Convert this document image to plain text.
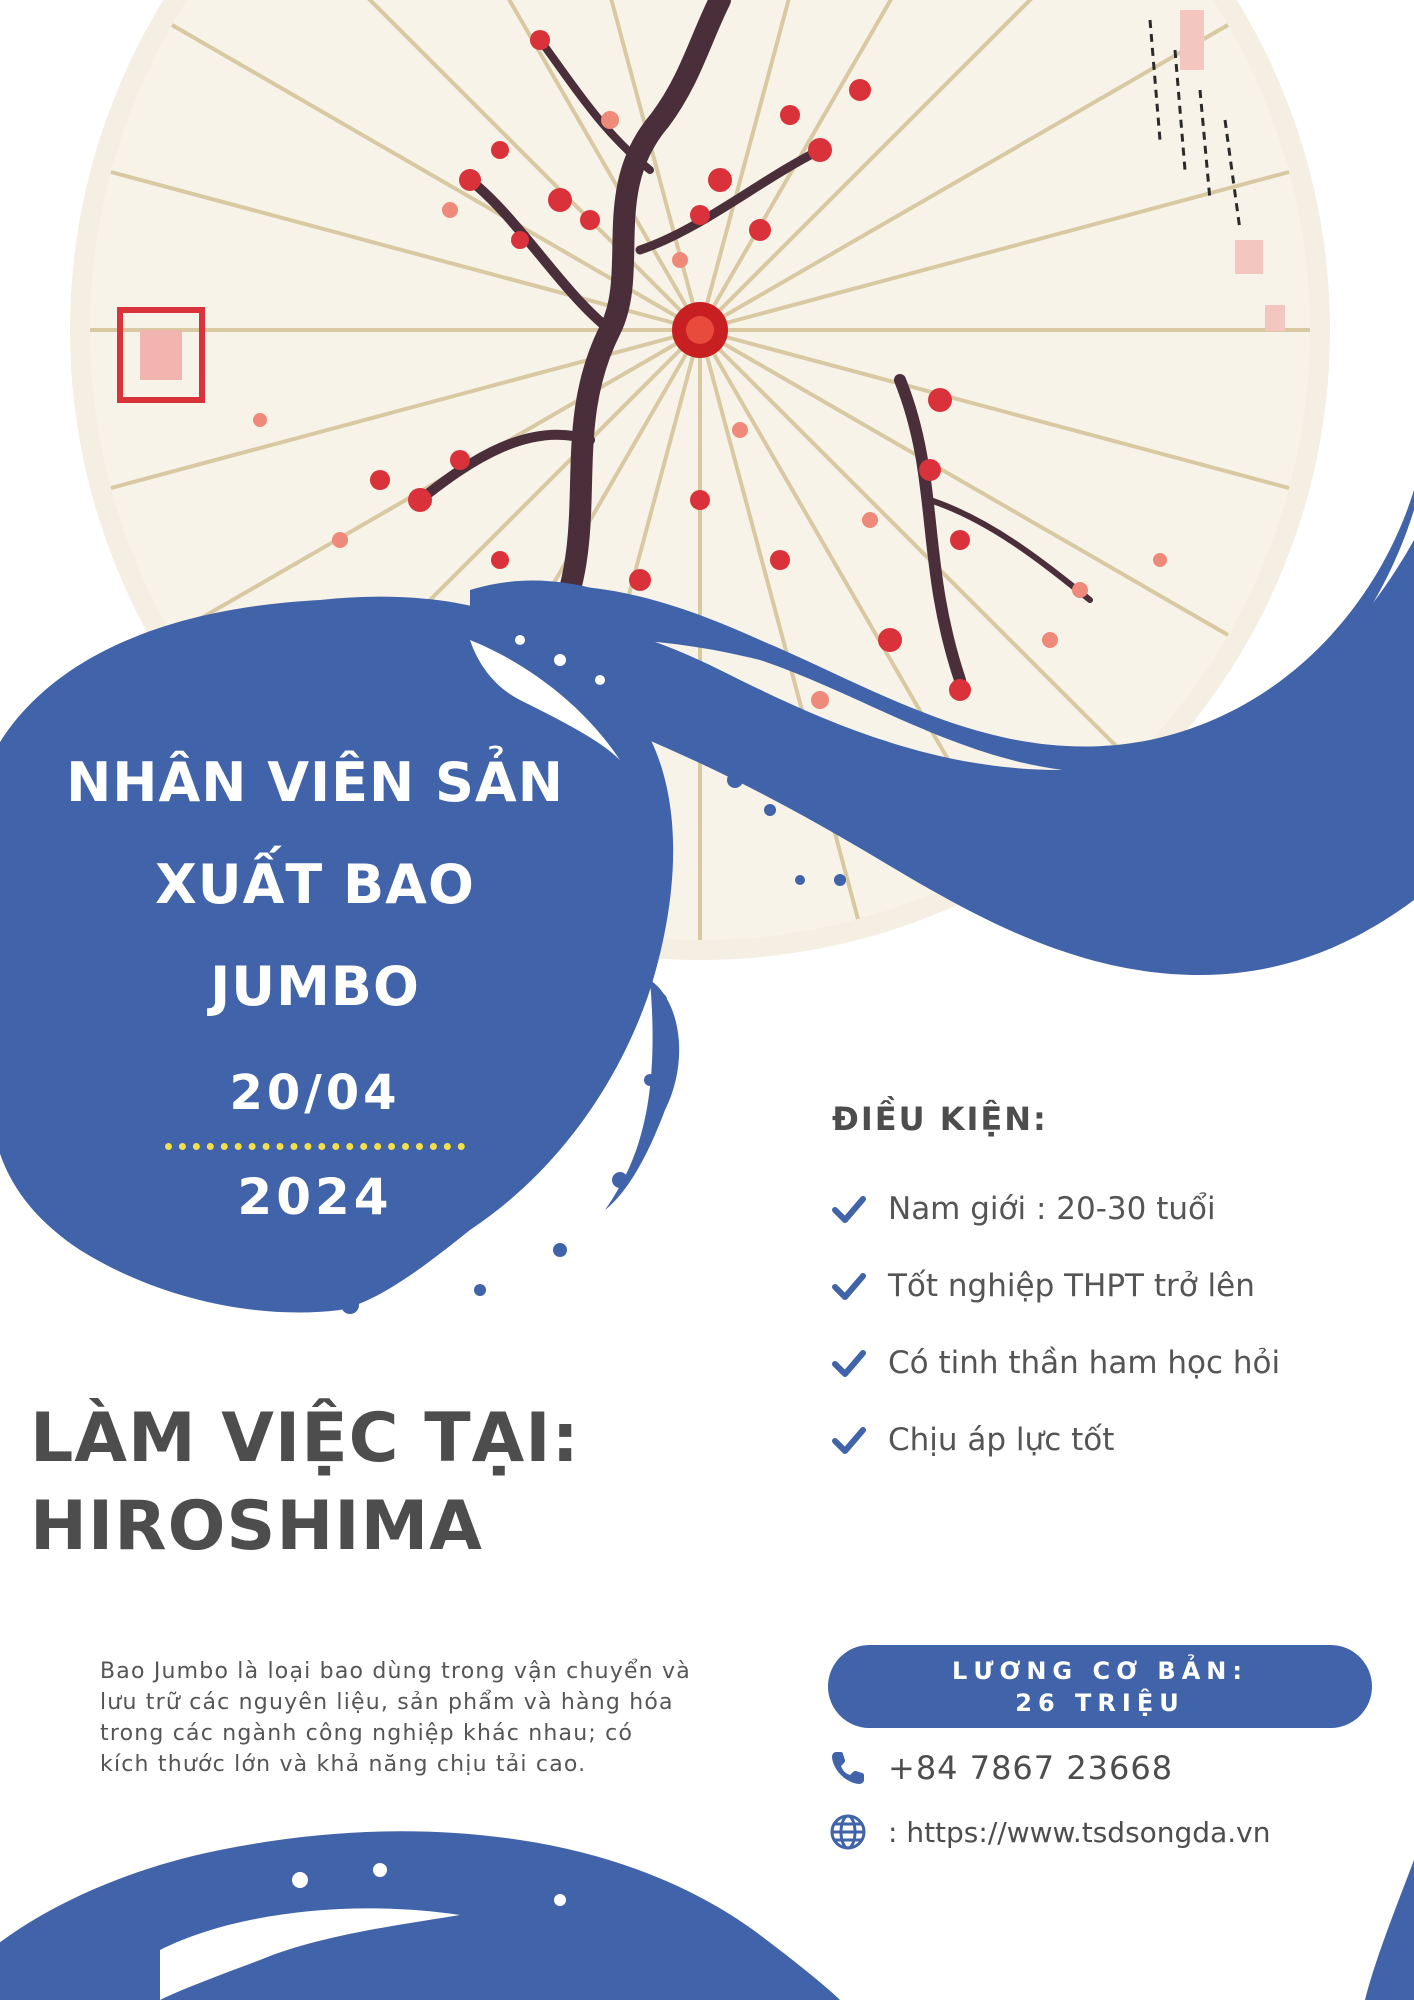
NHÂN VIÊN SẢN
XUẤT BAO
JUMBO
20/04
2024
LÀM VIỆC TẠI:
HIROSHIMA
Bao Jumbo là loại bao dùng trong vận chuyển và
lưu trữ các nguyên liệu, sản phẩm và hàng hóa
trong các ngành công nghiệp khác nhau; có
kích thước lớn và khả năng chịu tải cao.
ĐIỀU KIỆN:
Nam giới : 20-30 tuổi
Tốt nghiệp THPT trở lên
Có tinh thần ham học hỏi
Chịu áp lực tốt
LƯƠNG CƠ BẢN:
26 TRIỆU
+84 7867 23668
: https://www.tsdsongda.vn
